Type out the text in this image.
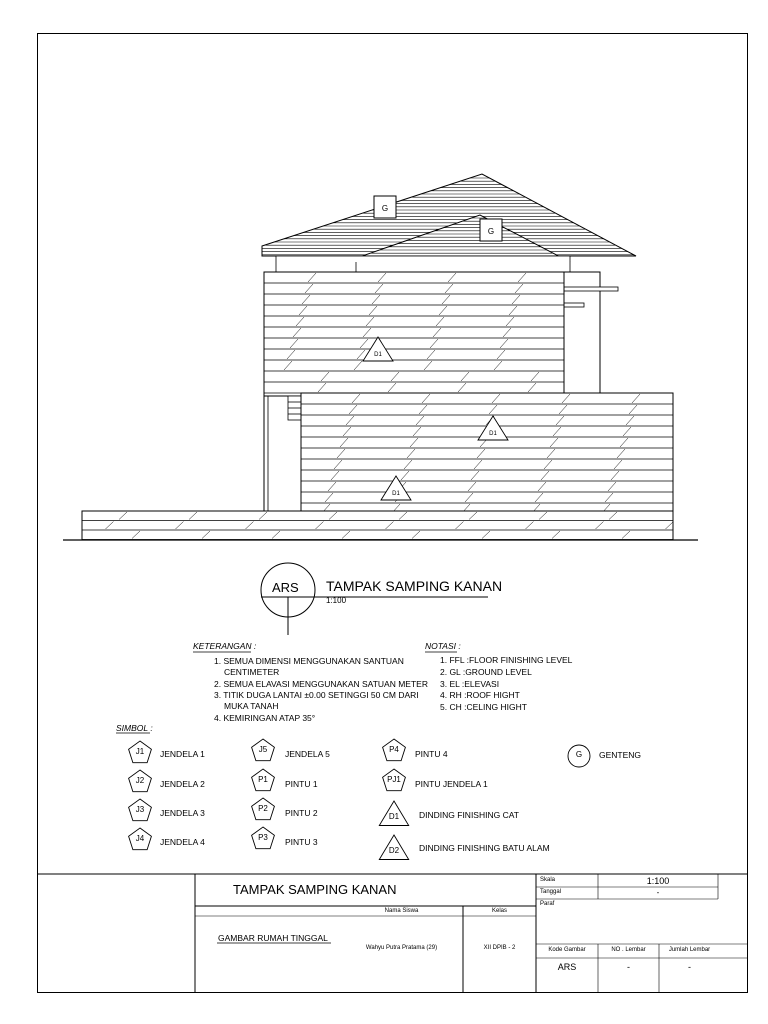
G
G
D1
D1
D1
ARS TAMPAK SAMPING KANAN
1:100
KETERANGAN :
1. SEMUA DIMENSI MENGGUNAKAN SANTUAN
CENTIMETER
2. SEMUA ELAVASI MENGGUNAKAN SATUAN METER
3. TITIK DUGA LANTAI ±0.00 SETINGGI 50 CM DARI
MUKA TANAH
4. KEMIRINGAN ATAP 35°
NOTASI :
1. FFL :FLOOR FINISHING LEVEL
2. GL :GROUND LEVEL
3. EL :ELEVASI
4. RH :ROOF HIGHT
5. CH :CELING HIGHT
SIMBOL :
J1	JENDELA 1
J2	JENDELA 2
J3	JENDELA 3
J4	JENDELA 4
J5	JENDELA 5
P1	PINTU 1
P2	PINTU 2
P3	PINTU 3
P4	PINTU 4
PJ1	PINTU JENDELA 1
D1	DINDING FINISHING CAT
D2	DINDING FINISHING BATU ALAM
G	GENTENG
TAMPAK SAMPING KANAN
GAMBAR RUMAH TINGGAL
Nama Siswa
Wahyu Putra Pratama (29)
Kelas
XII DPIB - 2
Skala	1:100
Tanggal	-
Paraf
Kode Gambar	NO . Lembar	Jumlah Lembar
ARS	-	-
